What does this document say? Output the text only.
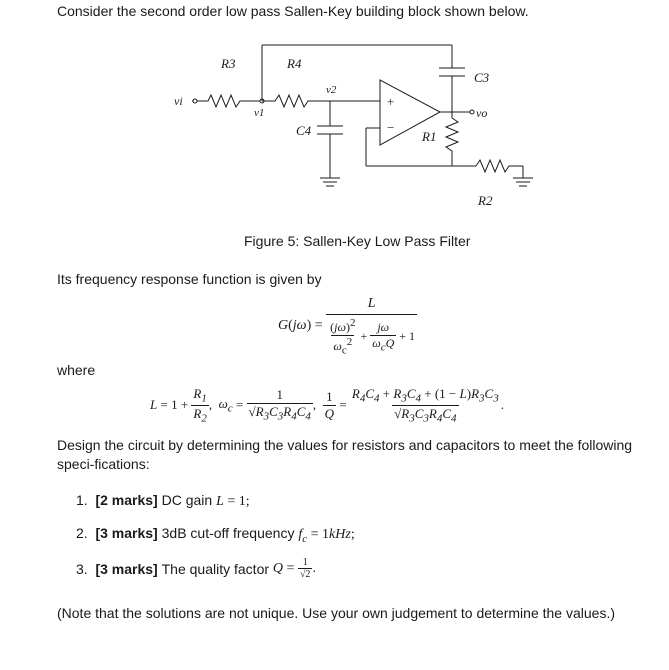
Consider the second order low pass Sallen-Key building block shown below.
R3	R4
C3
C4	R1
R2
vi
v1
v2
vo
+
−
Figure 5: Sallen-Key Low Pass Filter
Its frequency response function is given by
G ( jω ) = $\frac{L}{\frac{(j\omega)^2}{\omega_c^2} + \frac{j\omega}{\omega_cQ} + 1}$
where
$L = 1 + \frac{R_1}{R_2}$ , $\omega_c = \frac{1}{√R_3C_3R_4C_4}$ , $\frac{1}{Q} = \frac{R_4C_4 + R_3C_4 + (1 - L)R_3C_3}{√R_3C_3R_4C_4}$ .
Design the circuit by determining the values for resistors and capacitors to meet the following speci-fications:
1. [2 marks] DC gain L = 1;
2. [3 marks] 3dB cut-off frequency $f_c = 1kHz$;
3.
[3 marks]
The quality factor
$Q = \frac{1}{√2}$ .
(Note that the solutions are not unique. Use your own judgement to determine the values.)
